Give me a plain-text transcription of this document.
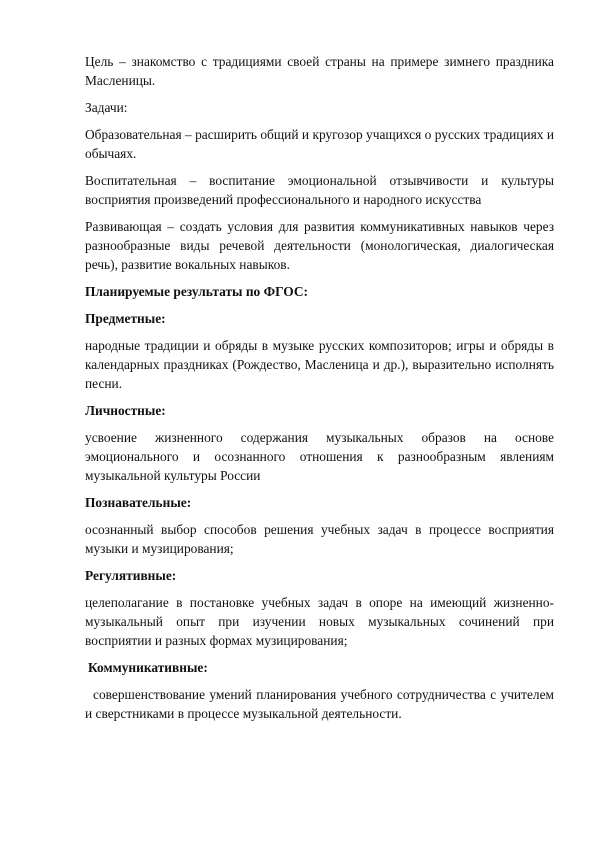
Цель – знакомство с традициями своей страны на примере зимнего праздника Масленицы.

Задачи:

Образовательная – расширить общий и кругозор учащихся о русских традициях и обычаях.

Воспитательная – воспитание эмоциональной отзывчивости и культуры восприятия произведений профессионального и народного искусства

Развивающая – создать условия для развития коммуникативных навыков через разнообразные виды речевой деятельности (монологическая, диалогическая речь), развитие вокальных навыков.

Планируемые результаты по ФГОС:

Предметные:

народные традиции и обряды в музыке русских композиторов; игры и обряды в календарных праздниках (Рождество, Масленица и др.), выразительно исполнять песни.

Личностные:

усвоение жизненного содержания музыкальных образов на основе эмоционального и осознанного отношения к разнообразным явлениям музыкальной культуры России

Познавательные:

осознанный выбор способов решения учебных задач в процессе восприятия музыки и музицирования;

Регулятивные:

целеполагание в постановке учебных задач в опоре на имеющий жизненно-музыкальный опыт при изучении новых музыкальных сочинений при восприятии и разных формах музицирования;

Коммуникативные:

совершенствование умений планирования учебного сотрудничества с учителем и сверстниками в процессе музыкальной деятельности.
